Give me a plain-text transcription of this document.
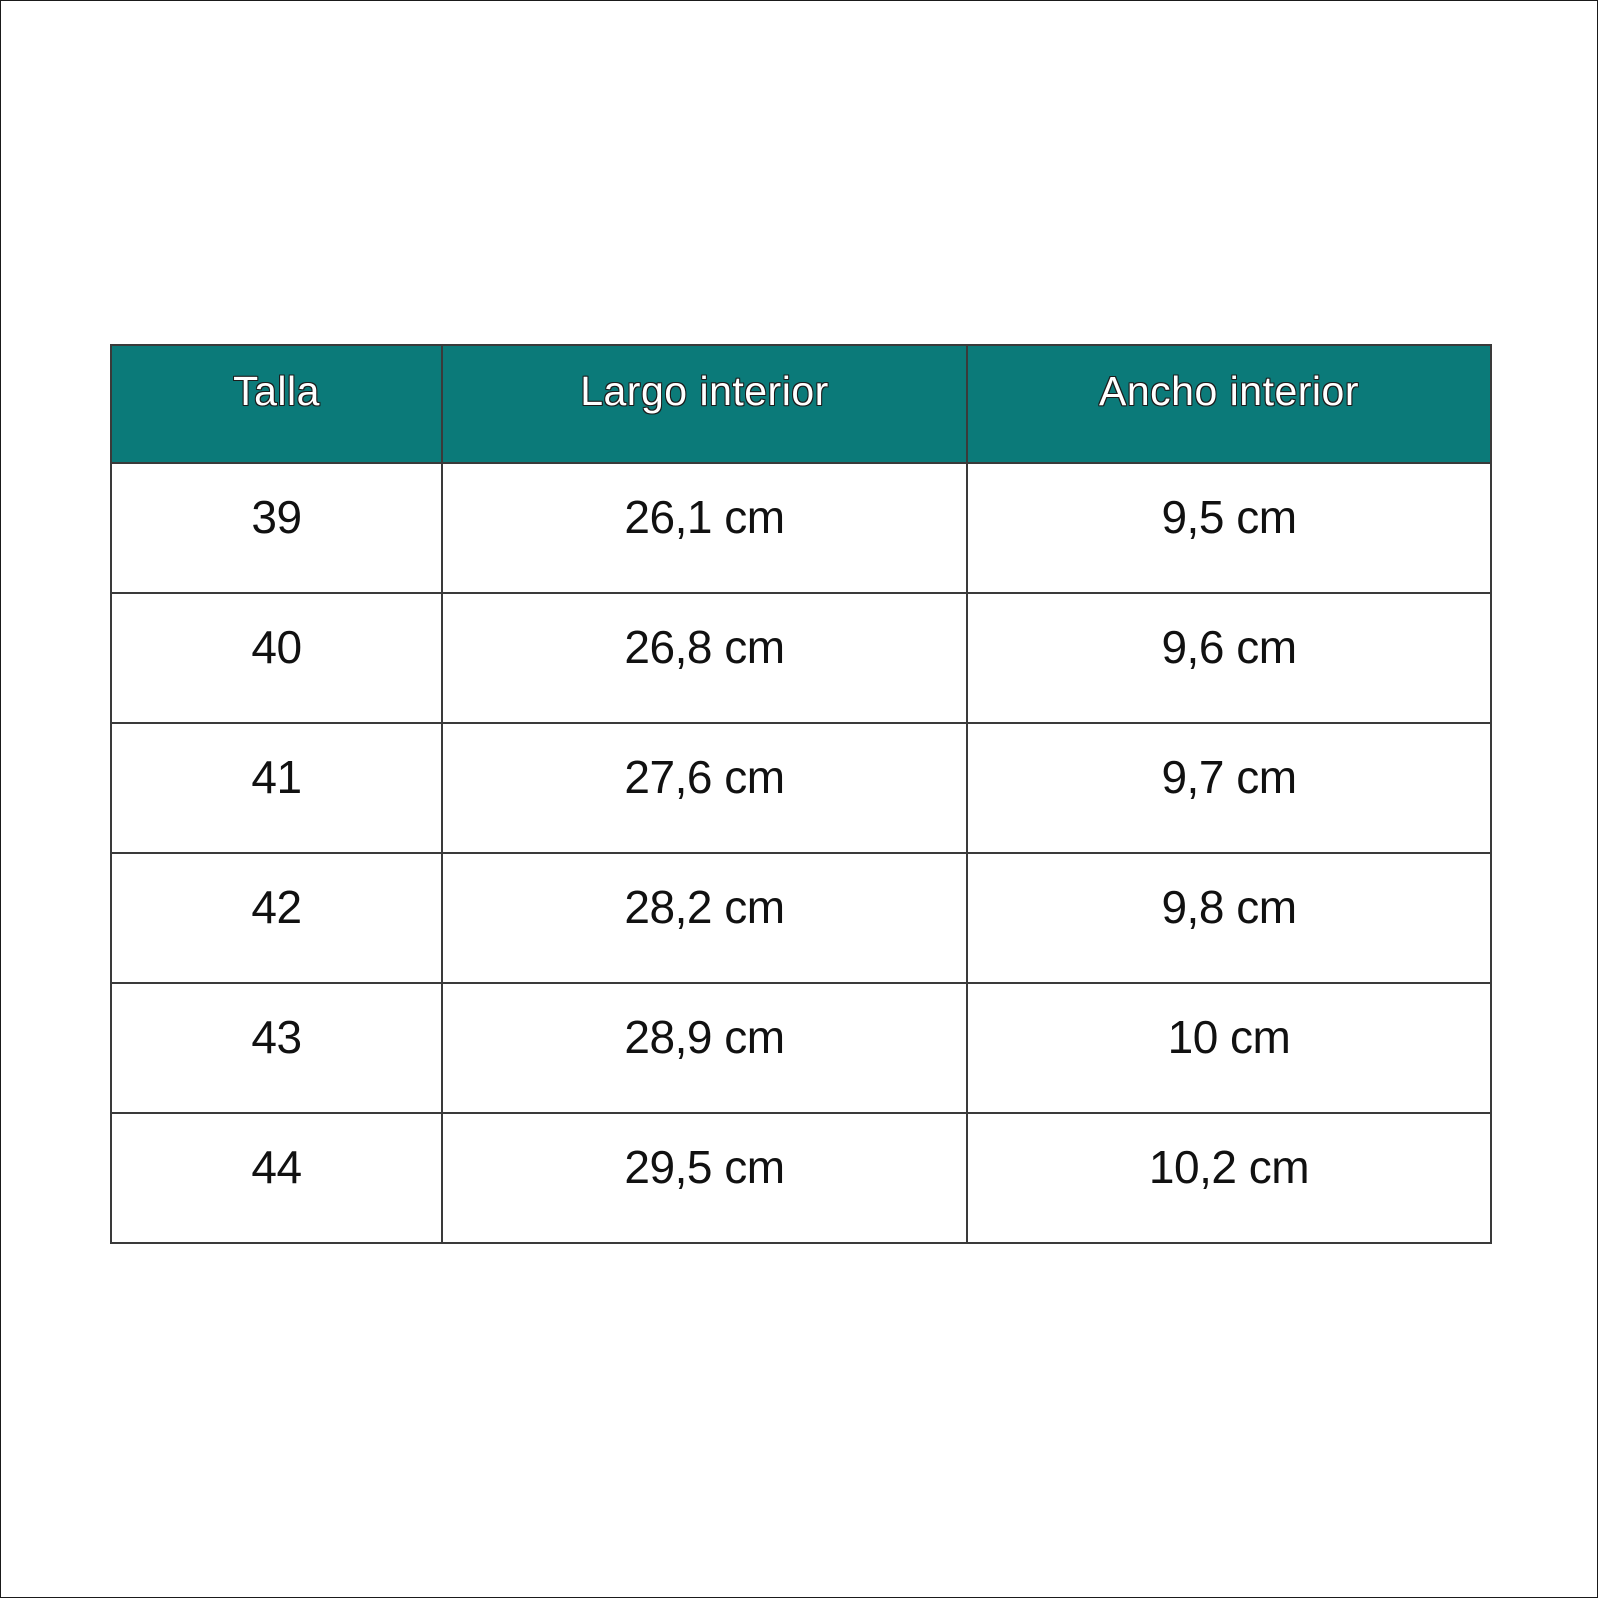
Talla	Largo interior	Ancho interior
39	26,1 cm	9,5 cm
40	26,8 cm	9,6 cm
41	27,6 cm	9,7 cm
42	28,2 cm	9,8 cm
43	28,9 cm	10 cm
44	29,5 cm	10,2 cm
